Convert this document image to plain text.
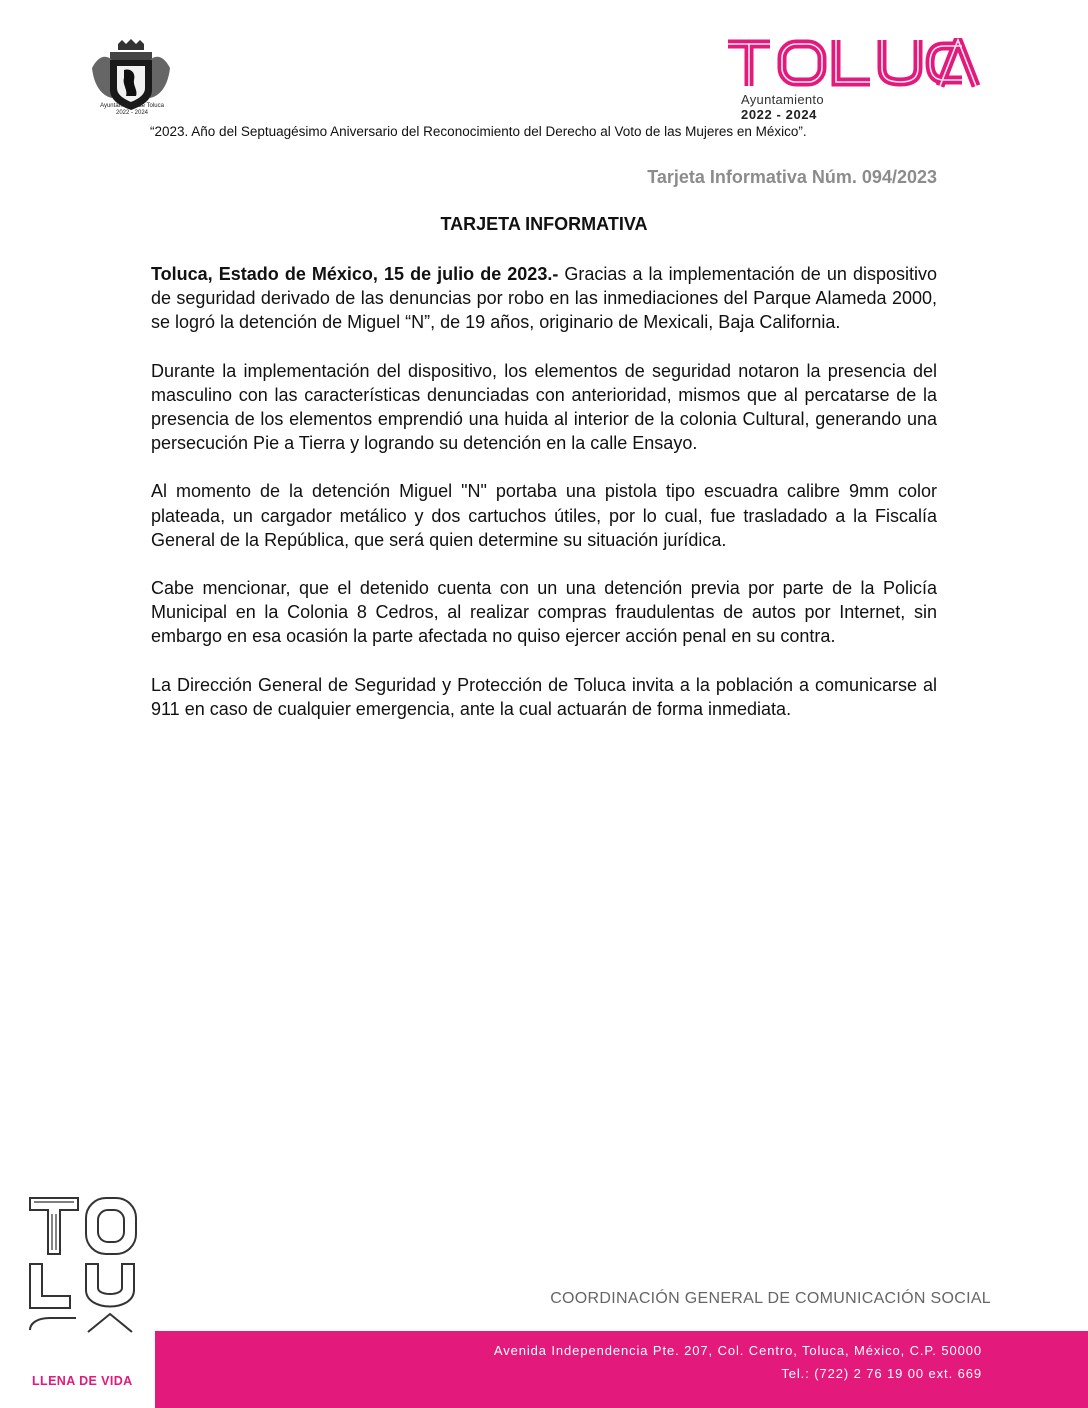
Ayuntamiento de Toluca
2022 - 2024
Ayuntamiento
2022 - 2024
“2023. Año del Septuagésimo Aniversario del Reconocimiento del Derecho al Voto de las Mujeres en México”.
Tarjeta Informativa Núm. 094/2023
TARJETA INFORMATIVA

Toluca, Estado de México, 15 de julio de 2023.- Gracias a la implementación de un dispositivo de seguridad derivado de las denuncias por robo en las inmediaciones del Parque Alameda 2000, se logró la detención de Miguel “N”, de 19 años, originario de Mexicali, Baja California.

Durante la implementación del dispositivo, los elementos de seguridad notaron la presencia del masculino con las características denunciadas con anterioridad, mismos que al percatarse de la presencia de los elementos emprendió una huida al interior de la colonia Cultural, generando una persecución Pie a Tierra y logrando su detención en la calle Ensayo.

Al momento de la detención Miguel "N" portaba una pistola tipo escuadra calibre 9mm color plateada, un cargador metálico y dos cartuchos útiles, por lo cual, fue trasladado a la Fiscalía General de la República, que será quien determine su situación jurídica.

Cabe mencionar, que el detenido cuenta con un una detención previa por parte de la Policía Municipal en la Colonia 8 Cedros, al realizar compras fraudulentas de autos por Internet, sin embargo en esa ocasión la parte afectada no quiso ejercer acción penal en su contra.

La Dirección General de Seguridad y Protección de Toluca invita a la población a comunicarse al 911 en caso de cualquier emergencia, ante la cual actuarán de forma inmediata.

LLENA DE VIDA
COORDINACIÓN GENERAL DE COMUNICACIÓN SOCIAL
Avenida Independencia Pte. 207, Col. Centro, Toluca, México, C.P. 50000
Tel.: (722) 2 76 19 00 ext. 669
